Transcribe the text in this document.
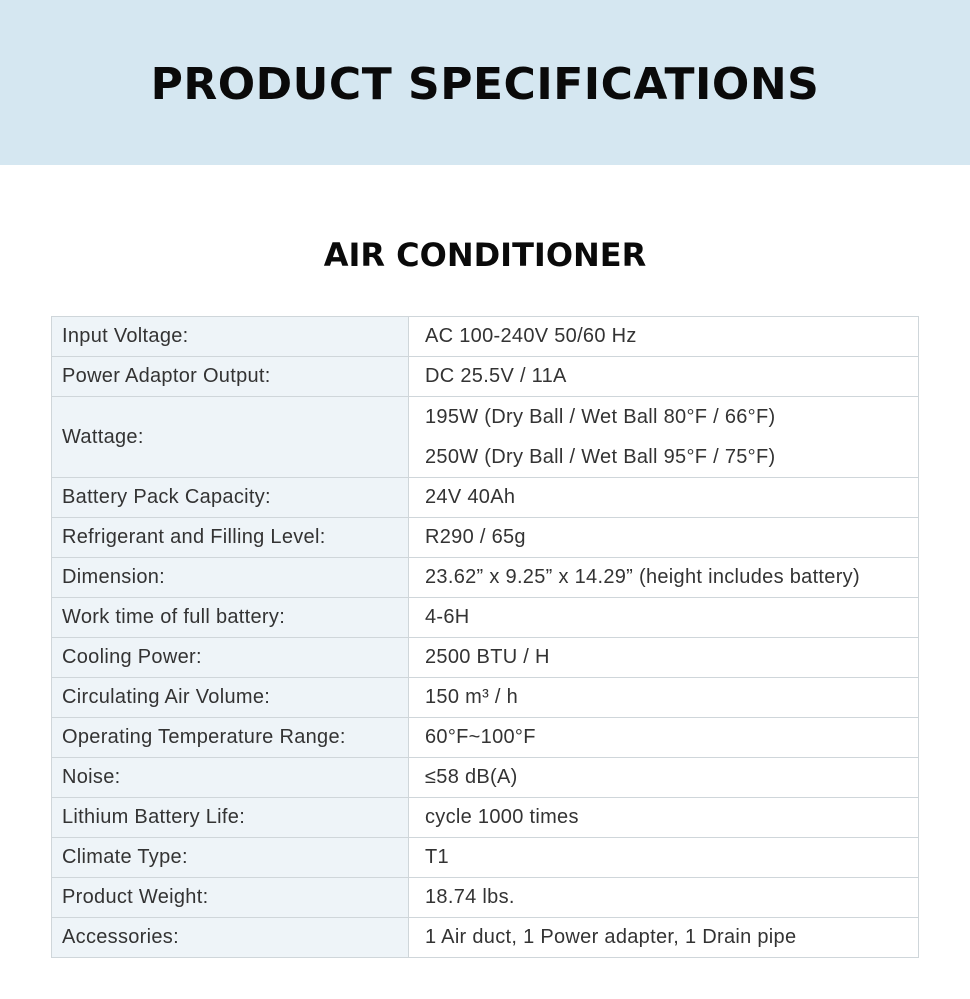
PRODUCT SPECIFICATIONS
AIR CONDITIONER
Input Voltage:	AC 100-240V 50/60 Hz
Power Adaptor Output:	DC 25.5V / 11A
Wattage:	195W (Dry Ball / Wet Ball 80°F / 66°F)
250W (Dry Ball / Wet Ball 95°F / 75°F)

Battery Pack Capacity:	24V 40Ah
Refrigerant and Filling Level:	R290 / 65g
Dimension:	23.62” x 9.25” x 14.29” (height includes battery)
Work time of full battery:	4-6H
Cooling Power:	2500 BTU / H
Circulating Air Volume:	150 m³ / h
Operating Temperature Range:	60°F~100°F
Noise:	≤58 dB(A)
Lithium Battery Life:	cycle 1000 times
Climate Type:	T1
Product Weight:	18.74 lbs.
Accessories:	1 Air duct, 1 Power adapter, 1 Drain pipe
